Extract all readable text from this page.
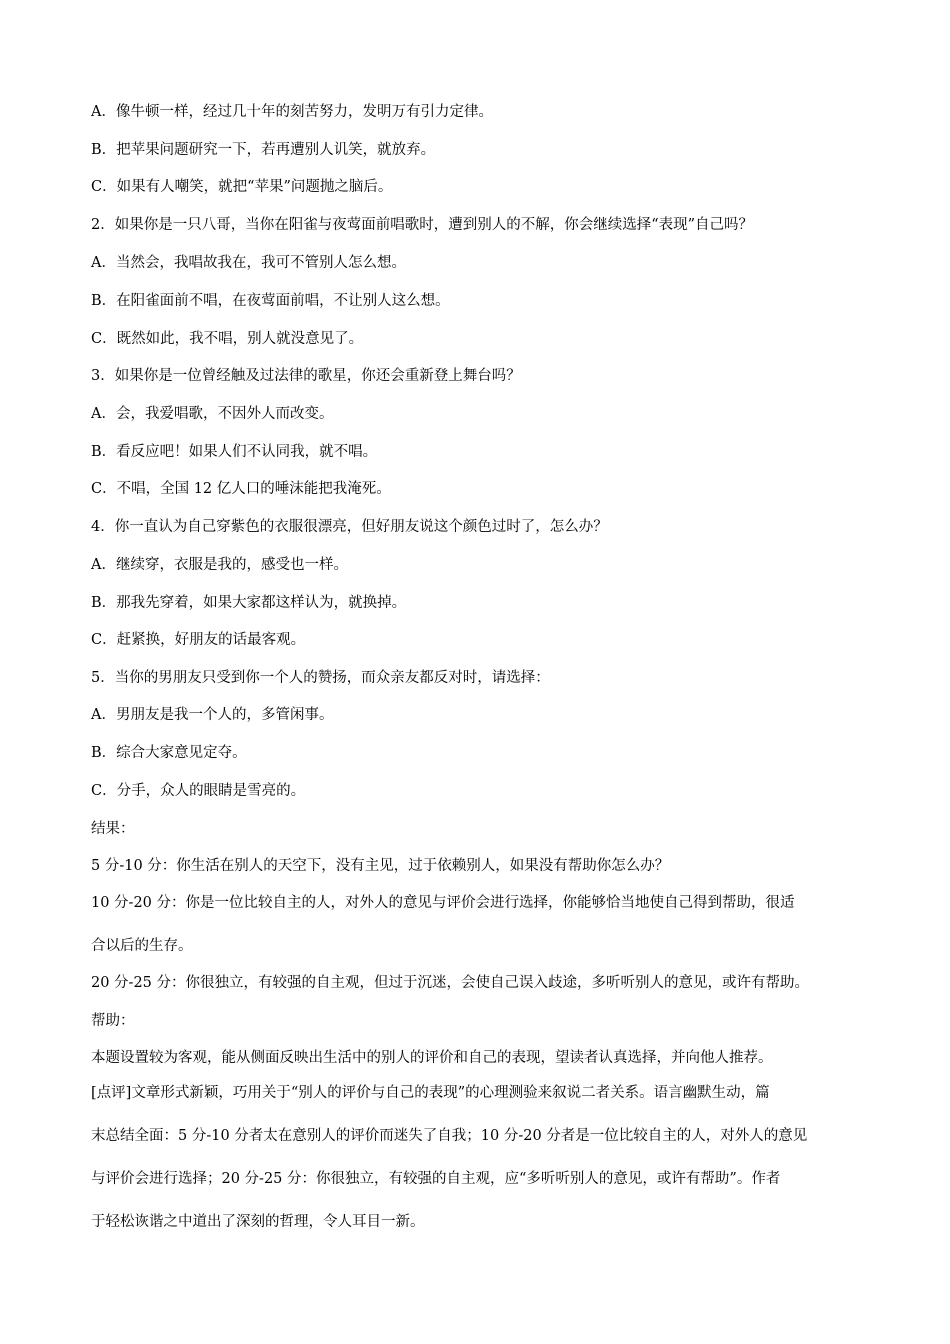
A．像牛顿一样，经过几十年的刻苦努力，发明万有引力定律。
B．把苹果问题研究一下，若再遭别人讥笑，就放弃。
C．如果有人嘲笑，就把“苹果”问题抛之脑后。
2．如果你是一只八哥，当你在阳雀与夜莺面前唱歌时，遭到别人的不解，你会继续选择“表现”自己吗？
A．当然会，我唱故我在，我可不管别人怎么想。
B．在阳雀面前不唱，在夜莺面前唱，不让别人这么想。
C．既然如此，我不唱，别人就没意见了。
3．如果你是一位曾经触及过法律的歌星，你还会重新登上舞台吗？
A．会，我爱唱歌，不因外人而改变。
B．看反应吧！如果人们不认同我，就不唱。
C．不唱，全国 12 亿人口的唾沫能把我淹死。
4．你一直认为自己穿紫色的衣服很漂亮，但好朋友说这个颜色过时了，怎么办？
A．继续穿，衣服是我的，感受也一样。
B．那我先穿着，如果大家都这样认为，就换掉。
C．赶紧换，好朋友的话最客观。
5．当你的男朋友只受到你一个人的赞扬，而众亲友都反对时，请选择：
A．男朋友是我一个人的，多管闲事。
B．综合大家意见定夺。
C．分手，众人的眼睛是雪亮的。
结果：
5 分-10 分：你生活在别人的天空下，没有主见，过于依赖别人，如果没有帮助你怎么办？
10 分-20 分：你是一位比较自主的人，对外人的意见与评价会进行选择，你能够恰当地使自己得到帮助，很适
合以后的生存。
20 分-25 分：你很独立，有较强的自主观，但过于沉迷，会使自己误入歧途，多听听别人的意见，或许有帮助。
帮助：
本题设置较为客观，能从侧面反映出生活中的别人的评价和自己的表现，望读者认真选择，并向他人推荐。
[点评]文章形式新颖，巧用关于“别人的评价与自己的表现”的心理测验来叙说二者关系。语言幽默生动，篇
末总结全面：5 分-10 分者太在意别人的评价而迷失了自我；10 分-20 分者是一位比较自主的人，对外人的意见
与评价会进行选择；20 分-25 分：你很独立，有较强的自主观，应“多听听别人的意见，或许有帮助”。作者
于轻松诙谐之中道出了深刻的哲理，令人耳目一新。
